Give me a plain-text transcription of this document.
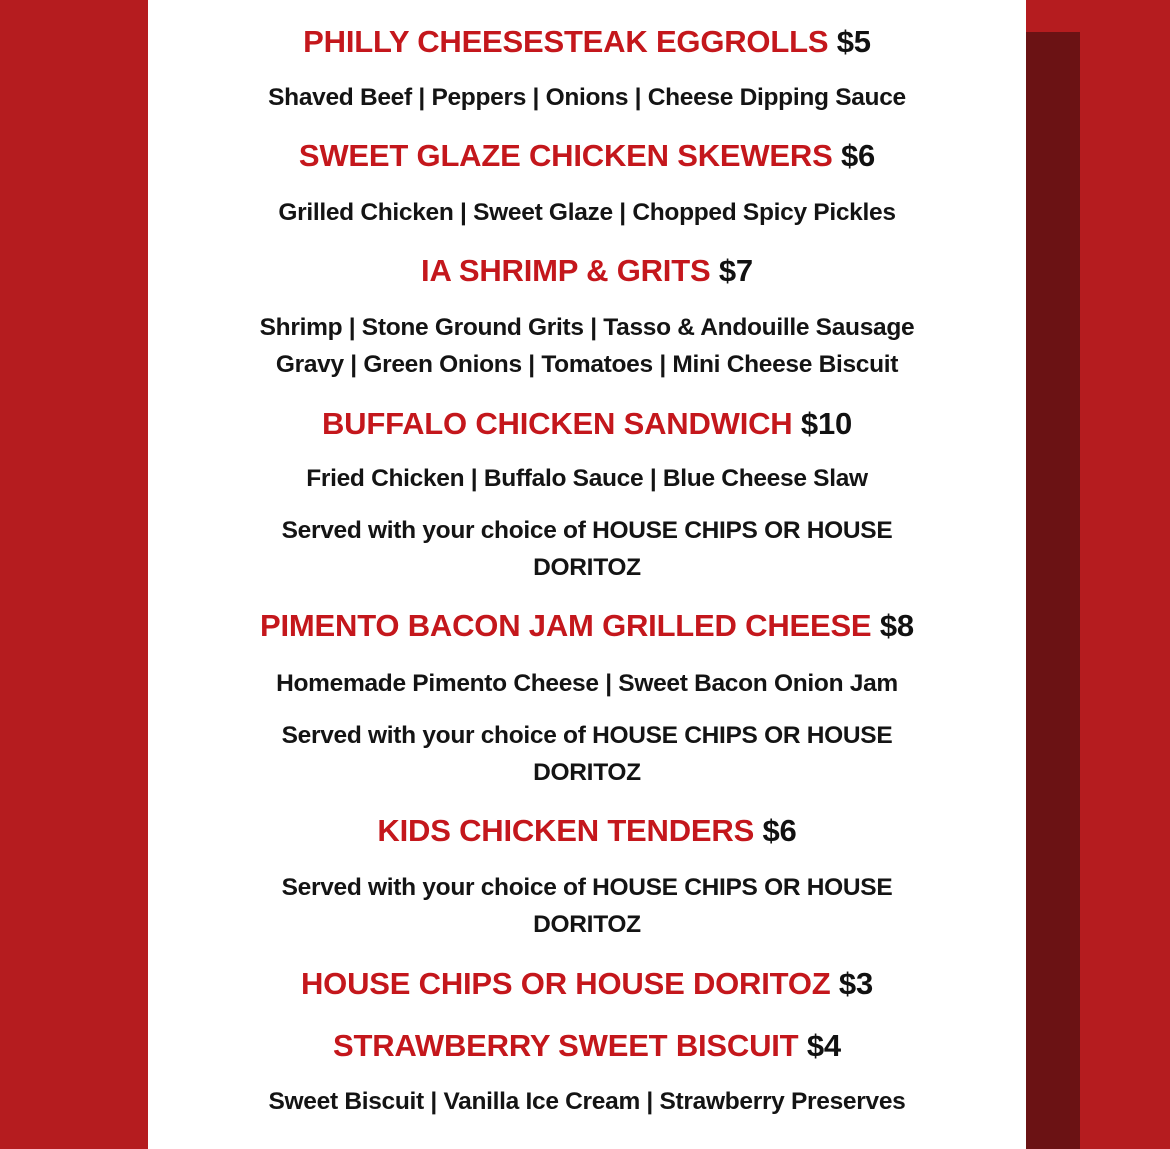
PHILLY CHEESESTEAK EGGROLLS $5
Shaved Beef | Peppers | Onions | Cheese Dipping Sauce
SWEET GLAZE CHICKEN SKEWERS $6
Grilled Chicken | Sweet Glaze | Chopped Spicy Pickles
IA SHRIMP & GRITS $7
Shrimp | Stone Ground Grits | Tasso & Andouille Sausage
Gravy | Green Onions | Tomatoes | Mini Cheese Biscuit
BUFFALO CHICKEN SANDWICH $10
Fried Chicken | Buffalo Sauce | Blue Cheese Slaw
Served with your choice of HOUSE CHIPS OR HOUSE
DORITOZ
PIMENTO BACON JAM GRILLED CHEESE $8
Homemade Pimento Cheese | Sweet Bacon Onion Jam
Served with your choice of HOUSE CHIPS OR HOUSE
DORITOZ
KIDS CHICKEN TENDERS $6
Served with your choice of HOUSE CHIPS OR HOUSE
DORITOZ
HOUSE CHIPS OR HOUSE DORITOZ $3
STRAWBERRY SWEET BISCUIT $4
Sweet Biscuit | Vanilla Ice Cream | Strawberry Preserves
